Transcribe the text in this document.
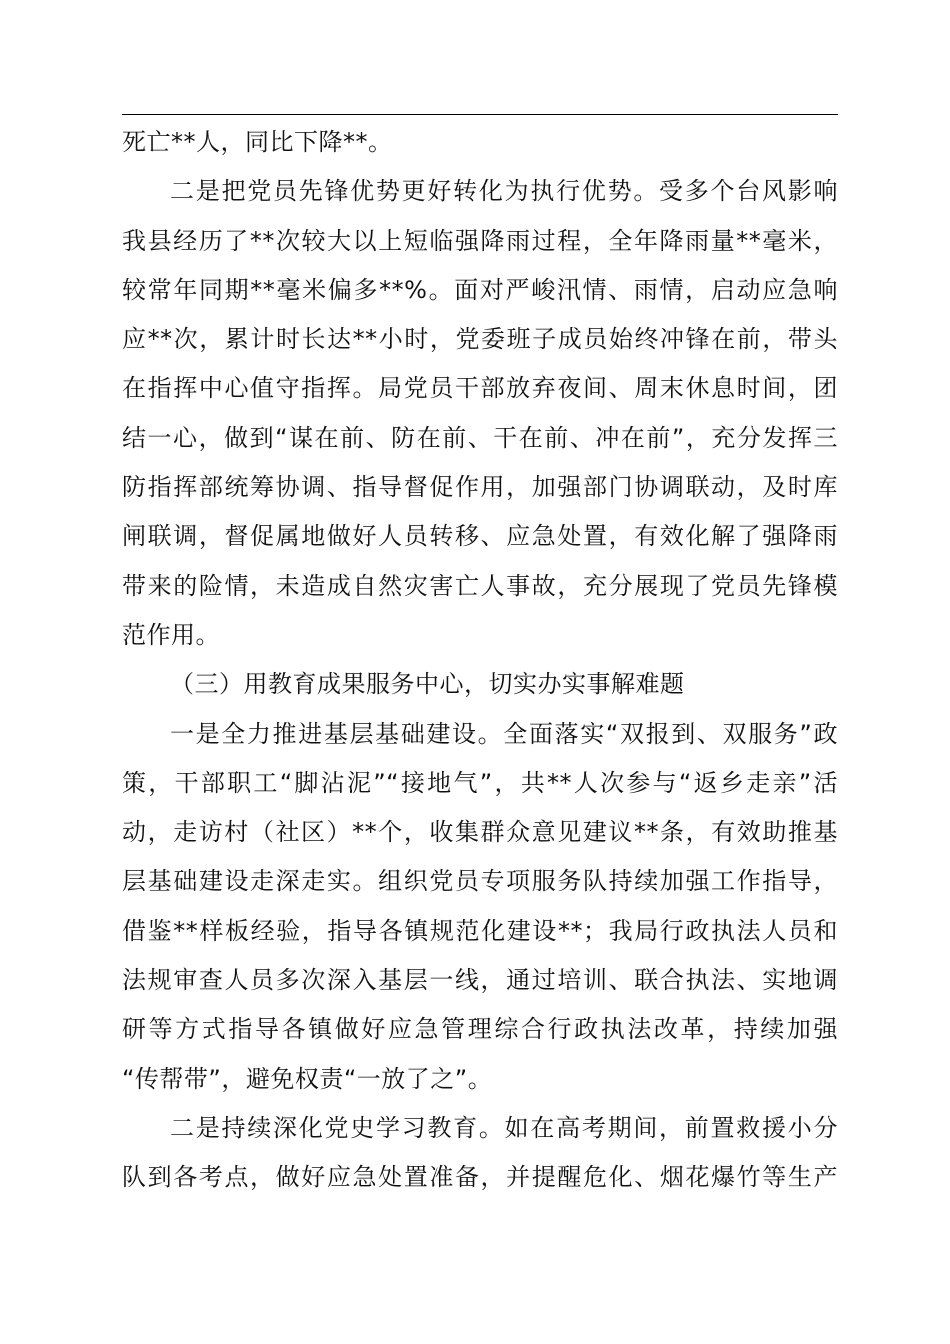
死亡**人，同比下降**。
二是把党员先锋优势更好转化为执行优势。受多个台风影响
我县经历了**次较大以上短临强降雨过程，全年降雨量**毫米，
较常年同期**毫米偏多**%。面对严峻汛情、雨情，启动应急响
应**次，累计时长达**小时，党委班子成员始终冲锋在前，带头
在指挥中心值守指挥。局党员干部放弃夜间、周末休息时间，团
结一心，做到“谋在前、防在前、干在前、冲在前”，充分发挥三
防指挥部统筹协调、指导督促作用，加强部门协调联动，及时库
闸联调，督促属地做好人员转移、应急处置，有效化解了强降雨
带来的险情，未造成自然灾害亡人事故，充分展现了党员先锋模
范作用。
（三）用教育成果服务中心，切实办实事解难题
一是全力推进基层基础建设。全面落实“双报到、双服务”政
策，干部职工“脚沾泥”“接地气”，共**人次参与“返乡走亲”活
动，走访村（社区）**个，收集群众意见建议**条，有效助推基
层基础建设走深走实。组织党员专项服务队持续加强工作指导，
借鉴**样板经验，指导各镇规范化建设**；我局行政执法人员和
法规审查人员多次深入基层一线，通过培训、联合执法、实地调
研等方式指导各镇做好应急管理综合行政执法改革，持续加强
“传帮带”，避免权责“一放了之”。
二是持续深化党史学习教育。如在高考期间，前置救援小分
队到各考点，做好应急处置准备，并提醒危化、烟花爆竹等生产
